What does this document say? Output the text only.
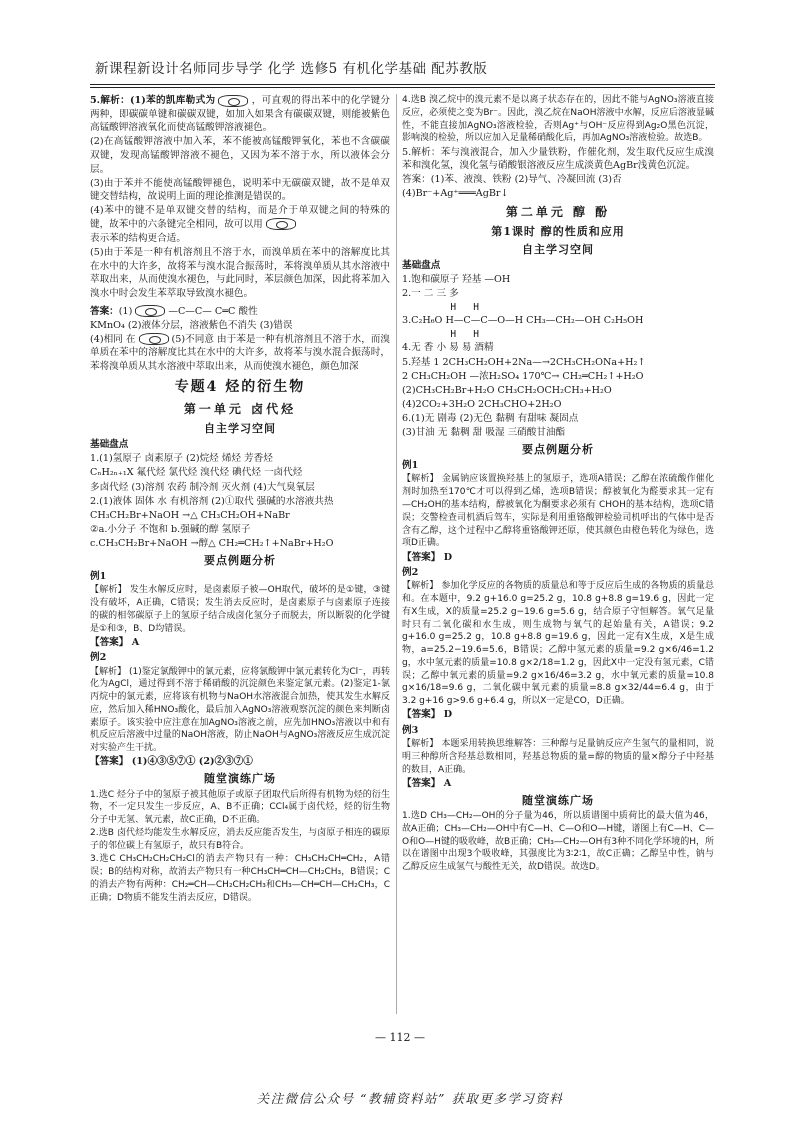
新课程新设计名师同步导学 化学 选修5 有机化学基础 配苏教版

5.解析：(1)苯的凯库勒式为	，可直观的得出苯中的化学键分两种，即碳碳单键和碳碳双键，如加入如果含有碳碳双键，则能被紫色高锰酸钾溶液氧化而使高锰酸钾溶液褪色。

(2)在高锰酸钾溶液中加入苯，苯不能被高锰酸钾氧化，苯也不含碳碳双键，发现高锰酸钾溶液不褪色，又因为苯不溶于水，所以液体会分层。

(3)由于苯并不能使高锰酸钾褪色，说明苯中无碳碳双键，故不是单双键交替结构，故说明上面的理论推测是错误的。

(4)苯中的键不是单双键交替的结构，而是介于单双键之间的特殊的键，故苯中的六条键完全相同，故可以用

表示苯的结构更合适。

(5)由于苯是一种有机溶剂且不溶于水，而溴单质在苯中的溶解度比其在水中的大许多，故将苯与溴水混合振荡时，苯将溴单质从其水溶液中萃取出来，从而使溴水褪色，与此同时，苯层颜色加深，因此将苯加入溴水中时会发生苯萃取导致溴水褪色。

答案：(1)	—C—C— C═C 酸性

KMnO₄ (2)液体分层，溶液紫色不消失 (3)错误

(4)相同 在	(5)不同意 由于苯是一种有机溶剂且不溶于水，而溴单质在苯中的溶解度比其在水中的大许多，故将苯与溴水混合振荡时，苯将溴单质从其水溶液中萃取出来，从而使溴水褪色，颜色加深

专题4 烃的衍生物
第一单元 卤代烃
自主学习空间

基础盘点

1.(1)氢原子 卤素原子 (2)烷烃 烯烃 芳香烃

CₙH₂ₙ₊₁X 氟代烃 氯代烃 溴代烃 碘代烃 一卤代烃

多卤代烃 (3)溶剂 农药 制冷剂 灭火剂 (4)大气臭氧层

2.(1)液体 固体 水 有机溶剂 (2)①取代 强碱的水溶液共热

CH₃CH₂Br+NaOH →△ CH₃CH₂OH+NaBr

②a.小分子 不饱和 b.强碱的醇 氢原子

c.CH₃CH₂Br+NaOH →醇△ CH₂═CH₂↑+NaBr+H₂O

要点例题分析

例1

【解析】 发生水解反应时，是卤素原子被—OH取代，破坏的是①键，③键没有破坏，A正确，C错误；发生消去反应时，是卤素原子与卤素原子连接的碳的相邻碳原子上的氢原子结合成卤化氢分子而脱去，所以断裂的化学键是①和③，B、D均错误。

【答案】 A

例2

【解析】 (1)鉴定氯酸钾中的氯元素，应将氯酸钾中氯元素转化为Cl⁻，再转化为AgCl，通过得到不溶于稀硝酸的沉淀颜色来鉴定氯元素。(2)鉴定1-氯丙烷中的氯元素，应将该有机物与NaOH水溶液混合加热，使其发生水解反应，然后加入稀HNO₃酸化，最后加入AgNO₃溶液观察沉淀的颜色来判断卤素原子。该实验中应注意在加AgNO₃溶液之前，应先加HNO₃溶液以中和有机反应后溶液中过量的NaOH溶液，防止NaOH与AgNO₃溶液反应生成沉淀对实验产生干扰。

【答案】 (1)④③⑤⑦① (2)②③⑦①

随堂演练广场

1.选C 烃分子中的氢原子被其他原子或原子团取代后所得有机物为烃的衍生物，不一定只发生一步反应，A、B不正确；CCl₄属于卤代烃，烃的衍生物分子中无氢、氧元素，故C正确，D不正确。

2.选B 卤代烃均能发生水解反应，消去反应能否发生，与卤原子相连的碳原子的邻位碳上有氢原子，故只有B符合。

3.选C CH₃CH₂CH₂CH₂Cl的消去产物只有一种：CH₃CH₂CH═CH₂，A错误；B的结构对称，故消去产物只有一种CH₃CH═CH—CH₂CH₃，B错误；C的消去产物有两种：CH₂═CH—CH₂CH₂CH₃和CH₃—CH═CH—CH₂CH₃，C正确；D物质不能发生消去反应，D错误。

4.选B 溴乙烷中的溴元素不是以离子状态存在的，因此不能与AgNO₃溶液直接反应，必须使之变为Br⁻。因此，溴乙烷在NaOH溶液中水解，反应后溶液显碱性，不能直接加AgNO₃溶液检验，否则Ag⁺与OH⁻反应得到Ag₂O黑色沉淀，影响溴的检验，所以应加入足量稀硝酸化后，再加AgNO₃溶液检验。故选B。

5.解析：苯与溴液混合，加入少量铁粉，作催化剂，发生取代反应生成溴苯和溴化氢，溴化氢与硝酸银溶液反应生成淡黄色AgBr浅黄色沉淀。

答案：(1)苯、液溴、铁粉 (2)导气、冷凝回流 (3)否

(4)Br⁻+Ag⁺═══AgBr↓

第二单元 醇 酚
第1课时 醇的性质和应用
自主学习空间

基础盘点

1.饱和碳原子 羟基 —OH

2.一 二 三 多

H   H

3.C₂H₆O H—C—C—O—H CH₃—CH₂—OH C₂H₅OH

H   H

4.无 香 小 易 易 酒精

5.羟基 1 2CH₃CH₂OH+2Na—→2CH₃CH₂ONa+H₂↑

2 CH₃CH₂OH —浓H₂SO₄ 170℃→ CH₂═CH₂↑+H₂O

(2)CH₃CH₂Br+H₂O CH₃CH₂OCH₂CH₃+H₂O

(4)2CO₂+3H₂O 2CH₃CHO+2H₂O

6.(1)无 剧毒 (2)无色 黏稠 有甜味 凝固点

(3)甘油 无 黏稠 甜 吸湿 三硝酸甘油酯

要点例题分析

例1

【解析】 金属钠应该置换羟基上的氢原子，选项A错误；乙醇在浓硫酸作催化剂时加热至170℃才可以得到乙烯，选项B错误；醇被氧化为醛要求其一定有—CH₂OH的基本结构，醇被氧化为酮要求必须有 CHOH的基本结构，选项C错误；交警检查司机酒后驾车，实际是利用重铬酸钾检验司机呼出的气体中是否含有乙醇，这个过程中乙醇将重铬酸钾还原，使其颜色由橙色转化为绿色，选项D正确。

【答案】 D

例2

【解析】 参加化学反应的各物质的质量总和等于反应后生成的各物质的质量总和。在本题中，9.2 g+16.0 g=25.2 g，10.8 g+8.8 g=19.6 g，因此一定有X生成，X的质量=25.2 g−19.6 g=5.6 g，结合原子守恒解答。氧气足量时只有二氧化碳和水生成，则生成物与氧气的起始量有关，A错误；9.2 g+16.0 g=25.2 g，10.8 g+8.8 g=19.6 g，因此一定有X生成，X是生成物，a=25.2−19.6=5.6，B错误；乙醇中氢元素的质量=9.2 g×6/46=1.2 g，水中氢元素的质量=10.8 g×2/18=1.2 g，因此X中一定没有氢元素，C错误；乙醇中氧元素的质量=9.2 g×16/46=3.2 g，水中氧元素的质量=10.8 g×16/18=9.6 g，二氧化碳中氧元素的质量=8.8 g×32/44=6.4 g，由于3.2 g+16 g>9.6 g+6.4 g，所以X一定是CO，D正确。

【答案】 D

例3

【解析】 本题采用转换思维解答：三种醇与足量钠反应产生氢气的量相同，说明三种醇所含羟基总数相同，羟基总物质的量=醇的物质的量×醇分子中羟基的数目，A正确。

【答案】 A

随堂演练广场

1.选D CH₃—CH₂—OH的分子量为46，所以质谱图中质荷比的最大值为46，故A正确；CH₃—CH₂—OH中有C—H、C—O和O—H键，谱图上有C—H、C—O和O—H键的吸收峰，故B正确；CH₃—CH₂—OH有3种不同化学环境的H，所以在谱图中出现3个吸收峰，其强度比为3∶2∶1，故C正确；乙醇呈中性，钠与乙醇反应生成氢气与酸性无关，故D错误。故选D。

— 112 —
关注微信公众号 “教辅资料站” 获取更多学习资料
